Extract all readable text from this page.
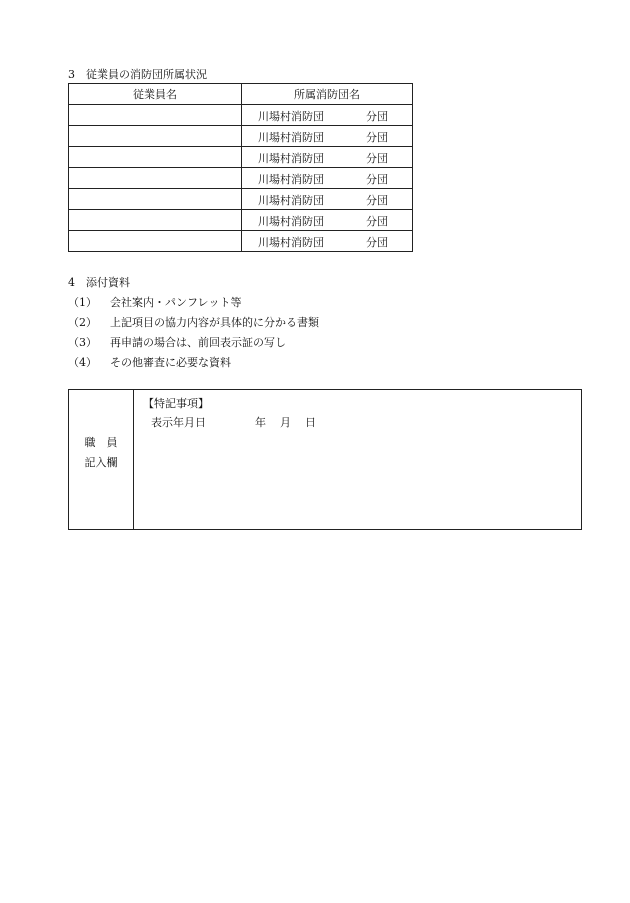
3　従業員の消防団所属状況
従業員名	所属消防団名

	川場村消防団 分団

	川場村消防団 分団

	川場村消防団 分団

	川場村消防団 分団

	川場村消防団 分団

	川場村消防団 分団

	川場村消防団 分団
4　添付資料
（1） 会社案内・パンフレット等
（2） 上記項目の協力内容が具体的に分かる書類
（3） 再申請の場合は、前回表示証の写し
（4） その他審査に必要な資料
職　員
記入欄
【特記事項】
表示年月日	年 月 日
